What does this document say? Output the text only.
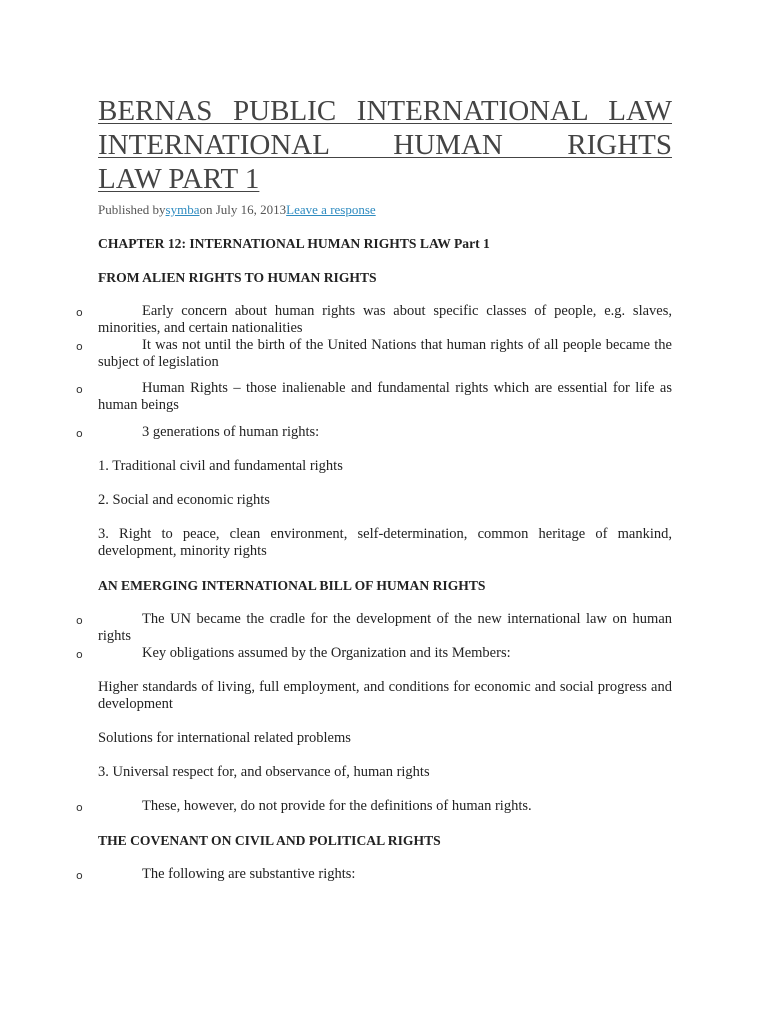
BERNAS PUBLIC INTERNATIONAL LAW
INTERNATIONAL HUMAN RIGHTS
LAW PART 1
Published bysymbaon July 16, 2013Leave a response

CHAPTER 12: INTERNATIONAL HUMAN RIGHTS LAW Part 1

FROM ALIEN RIGHTS TO HUMAN RIGHTS

o	Early concern about human rights was about specific classes of people, e.g. slaves, minorities, and certain nationalities
o	It was not until the birth of the United Nations that human rights of all people became the subject of legislation
o	Human Rights – those inalienable and fundamental rights which are essential for life as human beings
o	3 generations of human rights:

1. Traditional civil and fundamental rights

2. Social and economic rights

3. Right to peace, clean environment, self-determination, common heritage of mankind, development, minority rights

AN EMERGING INTERNATIONAL BILL OF HUMAN RIGHTS

o	The UN became the cradle for the development of the new international law on human rights
o	Key obligations assumed by the Organization and its Members:

Higher standards of living, full employment, and conditions for economic and social progress and development

Solutions for international related problems

3. Universal respect for, and observance of, human rights

o	These, however, do not provide for the definitions of human rights.

THE COVENANT ON CIVIL AND POLITICAL RIGHTS

o	The following are substantive rights:
